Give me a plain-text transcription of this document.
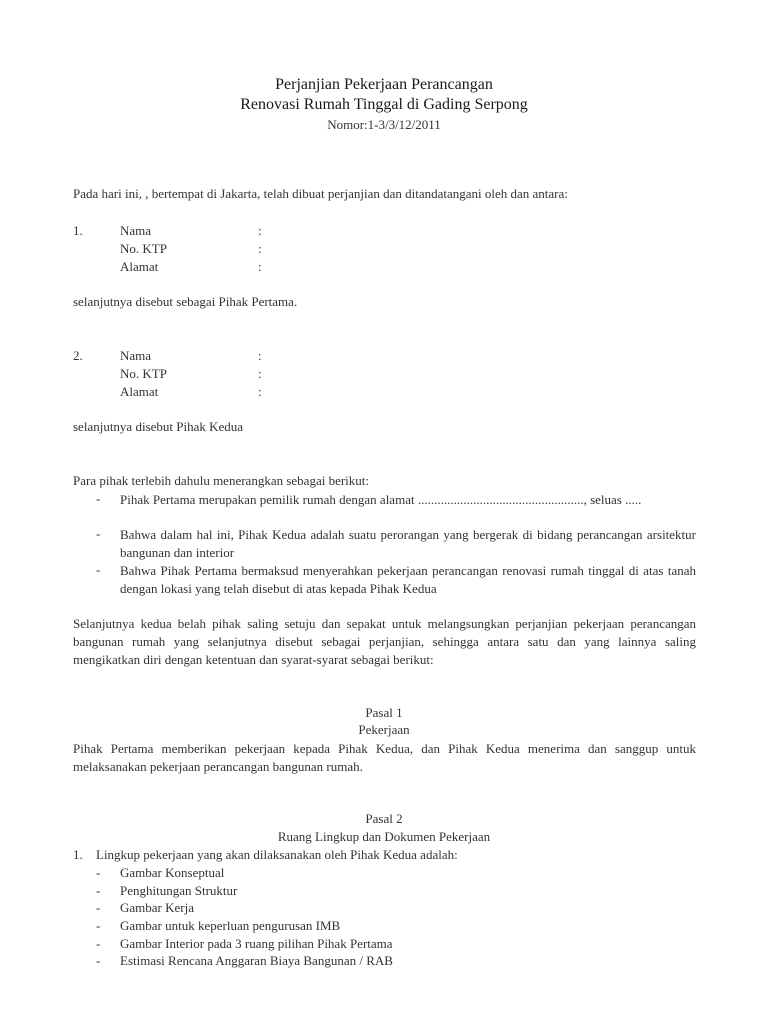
Perjanjian Pekerjaan Perancangan
Renovasi Rumah Tinggal di Gading Serpong
Nomor:1-3/3/12/2011
Pada hari ini, , bertempat di Jakarta, telah dibuat perjanjian dan ditandatangani oleh dan antara:
1.	Nama	:
No. KTP	:
Alamat	:
selanjutnya disebut sebagai Pihak Pertama.
2.	Nama	:
No. KTP	:
Alamat	:
selanjutnya disebut Pihak Kedua
Para pihak terlebih dahulu menerangkan sebagai berikut:
- Pihak Pertama merupakan pemilik rumah dengan alamat ..................................................., seluas .....
- Bahwa dalam hal ini, Pihak Kedua adalah suatu perorangan yang bergerak di bidang perancangan arsitektur bangunan dan interior
- Bahwa Pihak Pertama bermaksud menyerahkan pekerjaan perancangan renovasi rumah tinggal di atas tanah dengan lokasi yang telah disebut di atas kepada Pihak Kedua
Selanjutnya kedua belah pihak saling setuju dan sepakat untuk melangsungkan perjanjian pekerjaan perancangan bangunan rumah yang selanjutnya disebut sebagai perjanjian, sehingga antara satu dan yang lainnya saling mengikatkan diri dengan ketentuan dan syarat-syarat sebagai berikut:
Pasal 1
Pekerjaan
Pihak Pertama memberikan pekerjaan kepada Pihak Kedua, dan Pihak Kedua menerima dan sanggup untuk melaksanakan pekerjaan perancangan bangunan rumah.
Pasal 2
Ruang Lingkup dan Dokumen Pekerjaan
1. Lingkup pekerjaan yang akan dilaksanakan oleh Pihak Kedua adalah:
- Gambar Konseptual
- Penghitungan Struktur
- Gambar Kerja
- Gambar untuk keperluan pengurusan IMB
- Gambar Interior pada 3 ruang pilihan Pihak Pertama
- Estimasi Rencana Anggaran Biaya Bangunan / RAB
